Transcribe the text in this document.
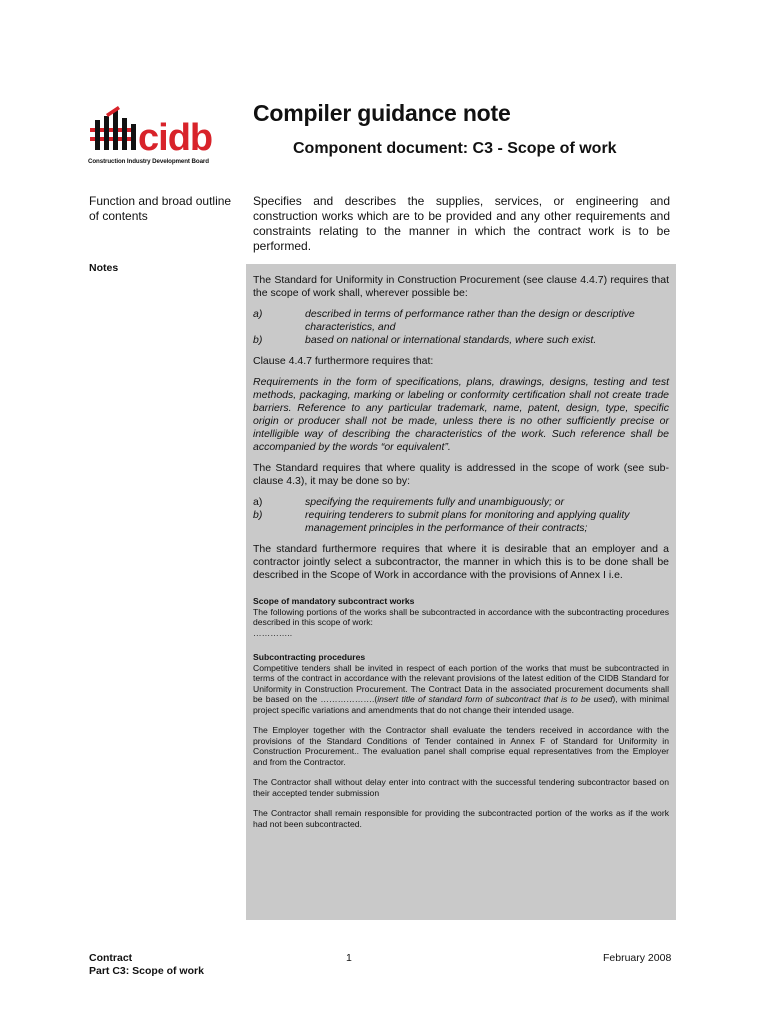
cidb
Construction Industry Development Board
Compiler guidance note
Component document: C3 - Scope of work
Function and broad outline of contents
Specifies and describes the supplies, services, or engineering and construction works which are to be provided and any other requirements and constraints relating to the manner in which the contract work is to be performed.
Notes

The Standard for Uniformity in Construction Procurement (see clause 4.4.7) requires that the scope of work shall, wherever possible be:

a)	described in terms of performance rather than the design or descriptive characteristics, and
b)	based on national or international standards, where such exist.

Clause 4.4.7 furthermore requires that:

Requirements in the form of specifications, plans, drawings, designs, testing and test methods, packaging, marking or labeling or conformity certification shall not create trade barriers. Reference to any particular trademark, name, patent, design, type, specific origin or producer shall not be made, unless there is no other sufficiently precise or intelligible way of describing the characteristics of the work. Such reference shall be accompanied by the words “or equivalent”.

The Standard requires that where quality is addressed in the scope of work (see sub-clause 4.3), it may be done so by:

a)	specifying the requirements fully and unambiguously; or
b)	requiring tenderers to submit plans for monitoring and applying quality management principles in the performance of their contracts;

The standard furthermore requires that where it is desirable that an employer and a contractor jointly select a subcontractor, the manner in which this is to be done shall be described in the Scope of Work in accordance with the provisions of Annex I i.e.

Scope of mandatory subcontract works
The following portions of the works shall be subcontracted in accordance with the subcontracting procedures described in this scope of work:
…………..
Subcontracting procedures
Competitive tenders shall be invited in respect of each portion of the works that must be subcontracted in terms of the contract in accordance with the relevant provisions of the latest edition of the CIDB Standard for Uniformity in Construction Procurement. The Contract Data in the associated procurement documents shall be based on the ……………….(insert title of standard form of subcontract that is to be used), with minimal project specific variations and amendments that do not change their intended usage.
The Employer together with the Contractor shall evaluate the tenders received in accordance with the provisions of the Standard Conditions of Tender contained in Annex F of Standard for Uniformity in Construction Procurement.. The evaluation panel shall comprise equal representatives from the Employer and from the Contractor.
The Contractor shall without delay enter into contract with the successful tendering subcontractor based on their accepted tender submission
The Contractor shall remain responsible for providing the subcontracted portion of the works as if the work had not been subcontracted.
Contract
Part C3: Scope of work
1	February 2008
